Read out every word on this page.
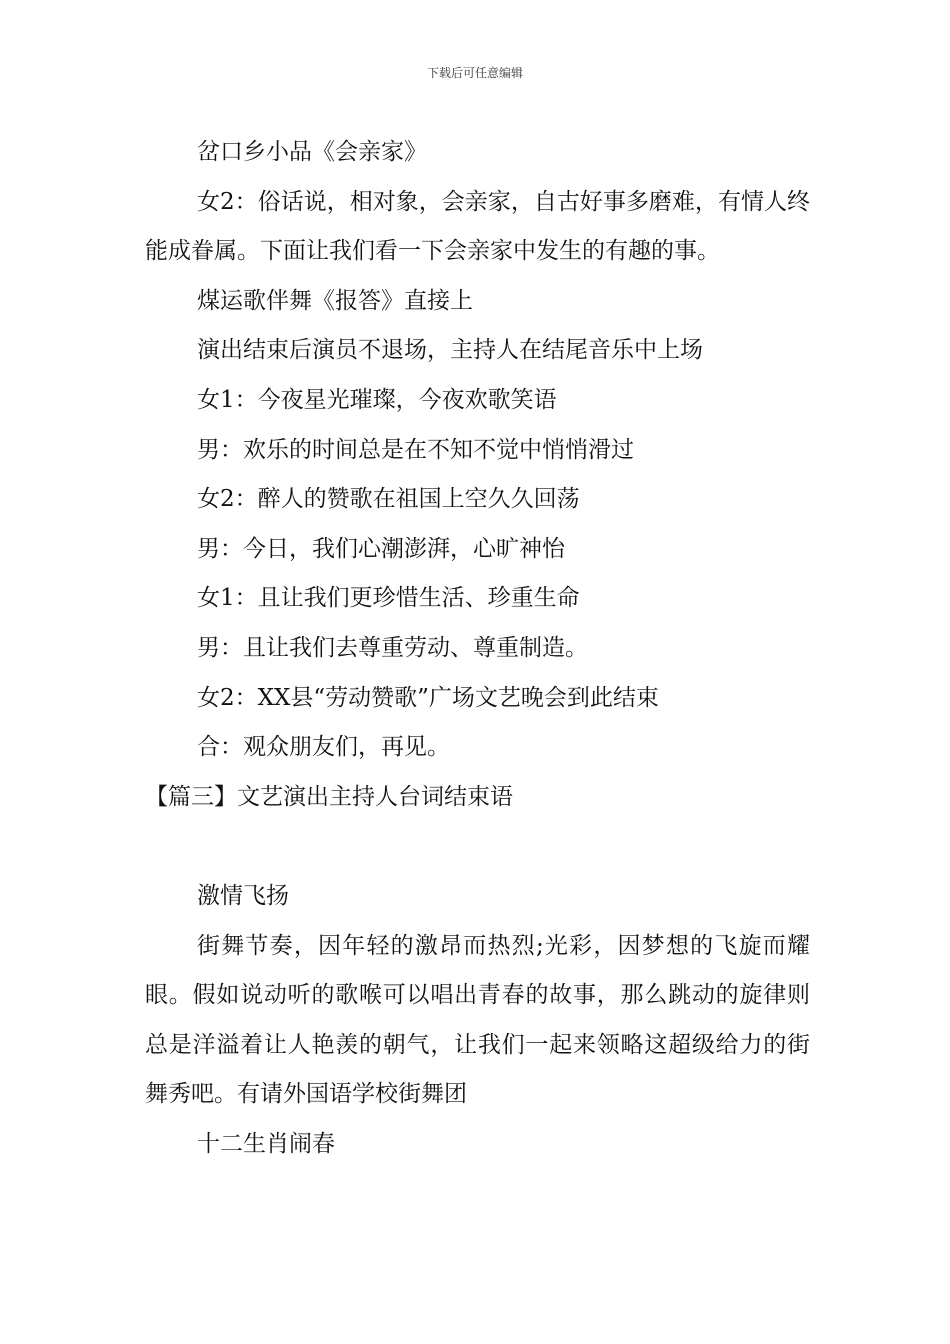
下载后可任意编辑

岔口乡小品《会亲家》

女2：俗话说，相对象，会亲家，自古好事多磨难，有情人终能成眷属。下面让我们看一下会亲家中发生的有趣的事。

煤运歌伴舞《报答》直接上

演出结束后演员不退场，主持人在结尾音乐中上场

女1：今夜星光璀璨，今夜欢歌笑语

男：欢乐的时间总是在不知不觉中悄悄滑过

女2：醉人的赞歌在祖国上空久久回荡

男：今日，我们心潮澎湃，心旷神怡

女1：且让我们更珍惜生活、珍重生命

男：且让我们去尊重劳动、尊重制造。

女2：XX县“劳动赞歌”广场文艺晚会到此结束

合：观众朋友们，再见。

【篇三】文艺演出主持人台词结束语

激情飞扬

街舞节奏，因年轻的激昂而热烈;光彩，因梦想的飞旋而耀眼。假如说动听的歌喉可以唱出青春的故事，那么跳动的旋律则总是洋溢着让人艳羡的朝气，让我们一起来领略这超级给力的街舞秀吧。有请外国语学校街舞团

十二生肖闹春
